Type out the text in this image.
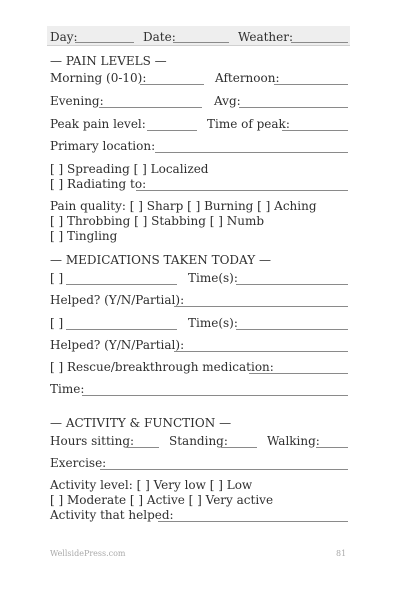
Day:	Date:	Weather:
— PAIN LEVELS —
Morning (0-10):	Afternoon:
Evening:	Avg:
Peak pain level:	Time of peak:
Primary location:
[ ] Spreading [ ] Localized
[ ] Radiating to:
Pain quality: [ ] Sharp [ ] Burning [ ] Aching
[ ] Throbbing [ ] Stabbing [ ] Numb
[ ] Tingling
— MEDICATIONS TAKEN TODAY —
[ ]	Time(s):
Helped? (Y/N/Partial):
[ ]	Time(s):
Helped? (Y/N/Partial):
[ ] Rescue/breakthrough medication:
Time:
— ACTIVITY & FUNCTION —
Hours sitting:	Standing:	Walking:
Exercise:
Activity level: [ ] Very low [ ] Low
[ ] Moderate [ ] Active [ ] Very active
Activity that helped:
WellsidePress.com	81
